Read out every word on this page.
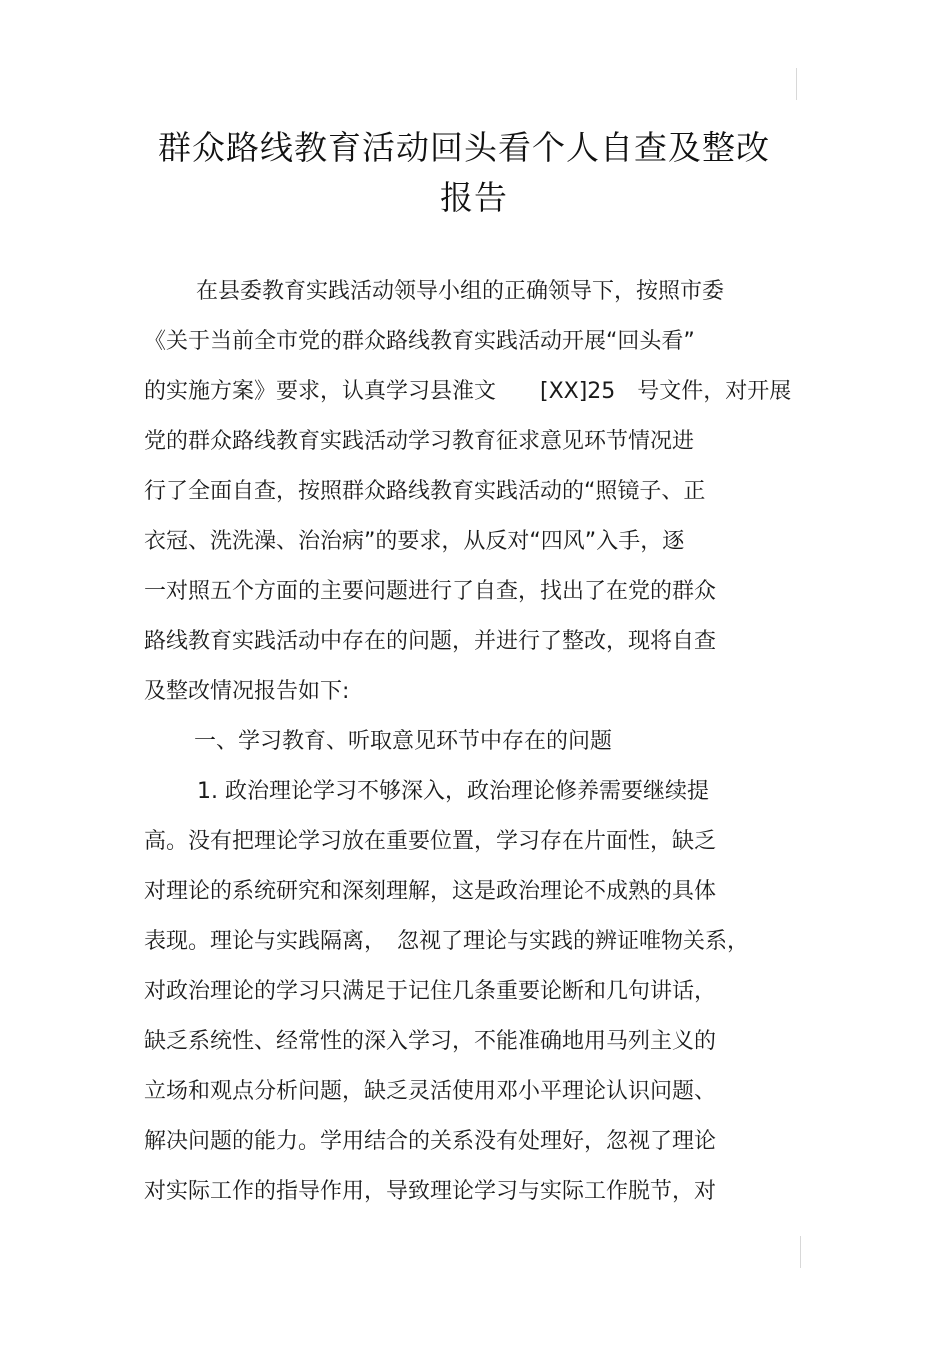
群众路线教育活动回头看个人自查及整改
报告
在县委教育实践活动领导小组的正确领导下，按照市委
《关于当前全市党的群众路线教育实践活动开展“回头看”
的实施方案》要求，认真学习县淮文　　[XX]25　号文件，对开展
党的群众路线教育实践活动学习教育征求意见环节情况进
行了全面自查，按照群众路线教育实践活动的“照镜子、正
衣冠、洗洗澡、治治病”的要求，从反对“四风”入手，逐
一对照五个方面的主要问题进行了自查，找出了在党的群众
路线教育实践活动中存在的问题，并进行了整改，现将自查
及整改情况报告如下:
一、学习教育、听取意见环节中存在的问题
1. 政治理论学习不够深入，政治理论修养需要继续提
高。没有把理论学习放在重要位置，学习存在片面性，缺乏
对理论的系统研究和深刻理解，这是政治理论不成熟的具体
表现。理论与实践隔离，　忽视了理论与实践的辨证唯物关系，
对政治理论的学习只满足于记住几条重要论断和几句讲话，
缺乏系统性、经常性的深入学习，不能准确地用马列主义的
立场和观点分析问题，缺乏灵活使用邓小平理论认识问题、
解决问题的能力。学用结合的关系没有处理好，忽视了理论
对实际工作的指导作用，导致理论学习与实际工作脱节，对
